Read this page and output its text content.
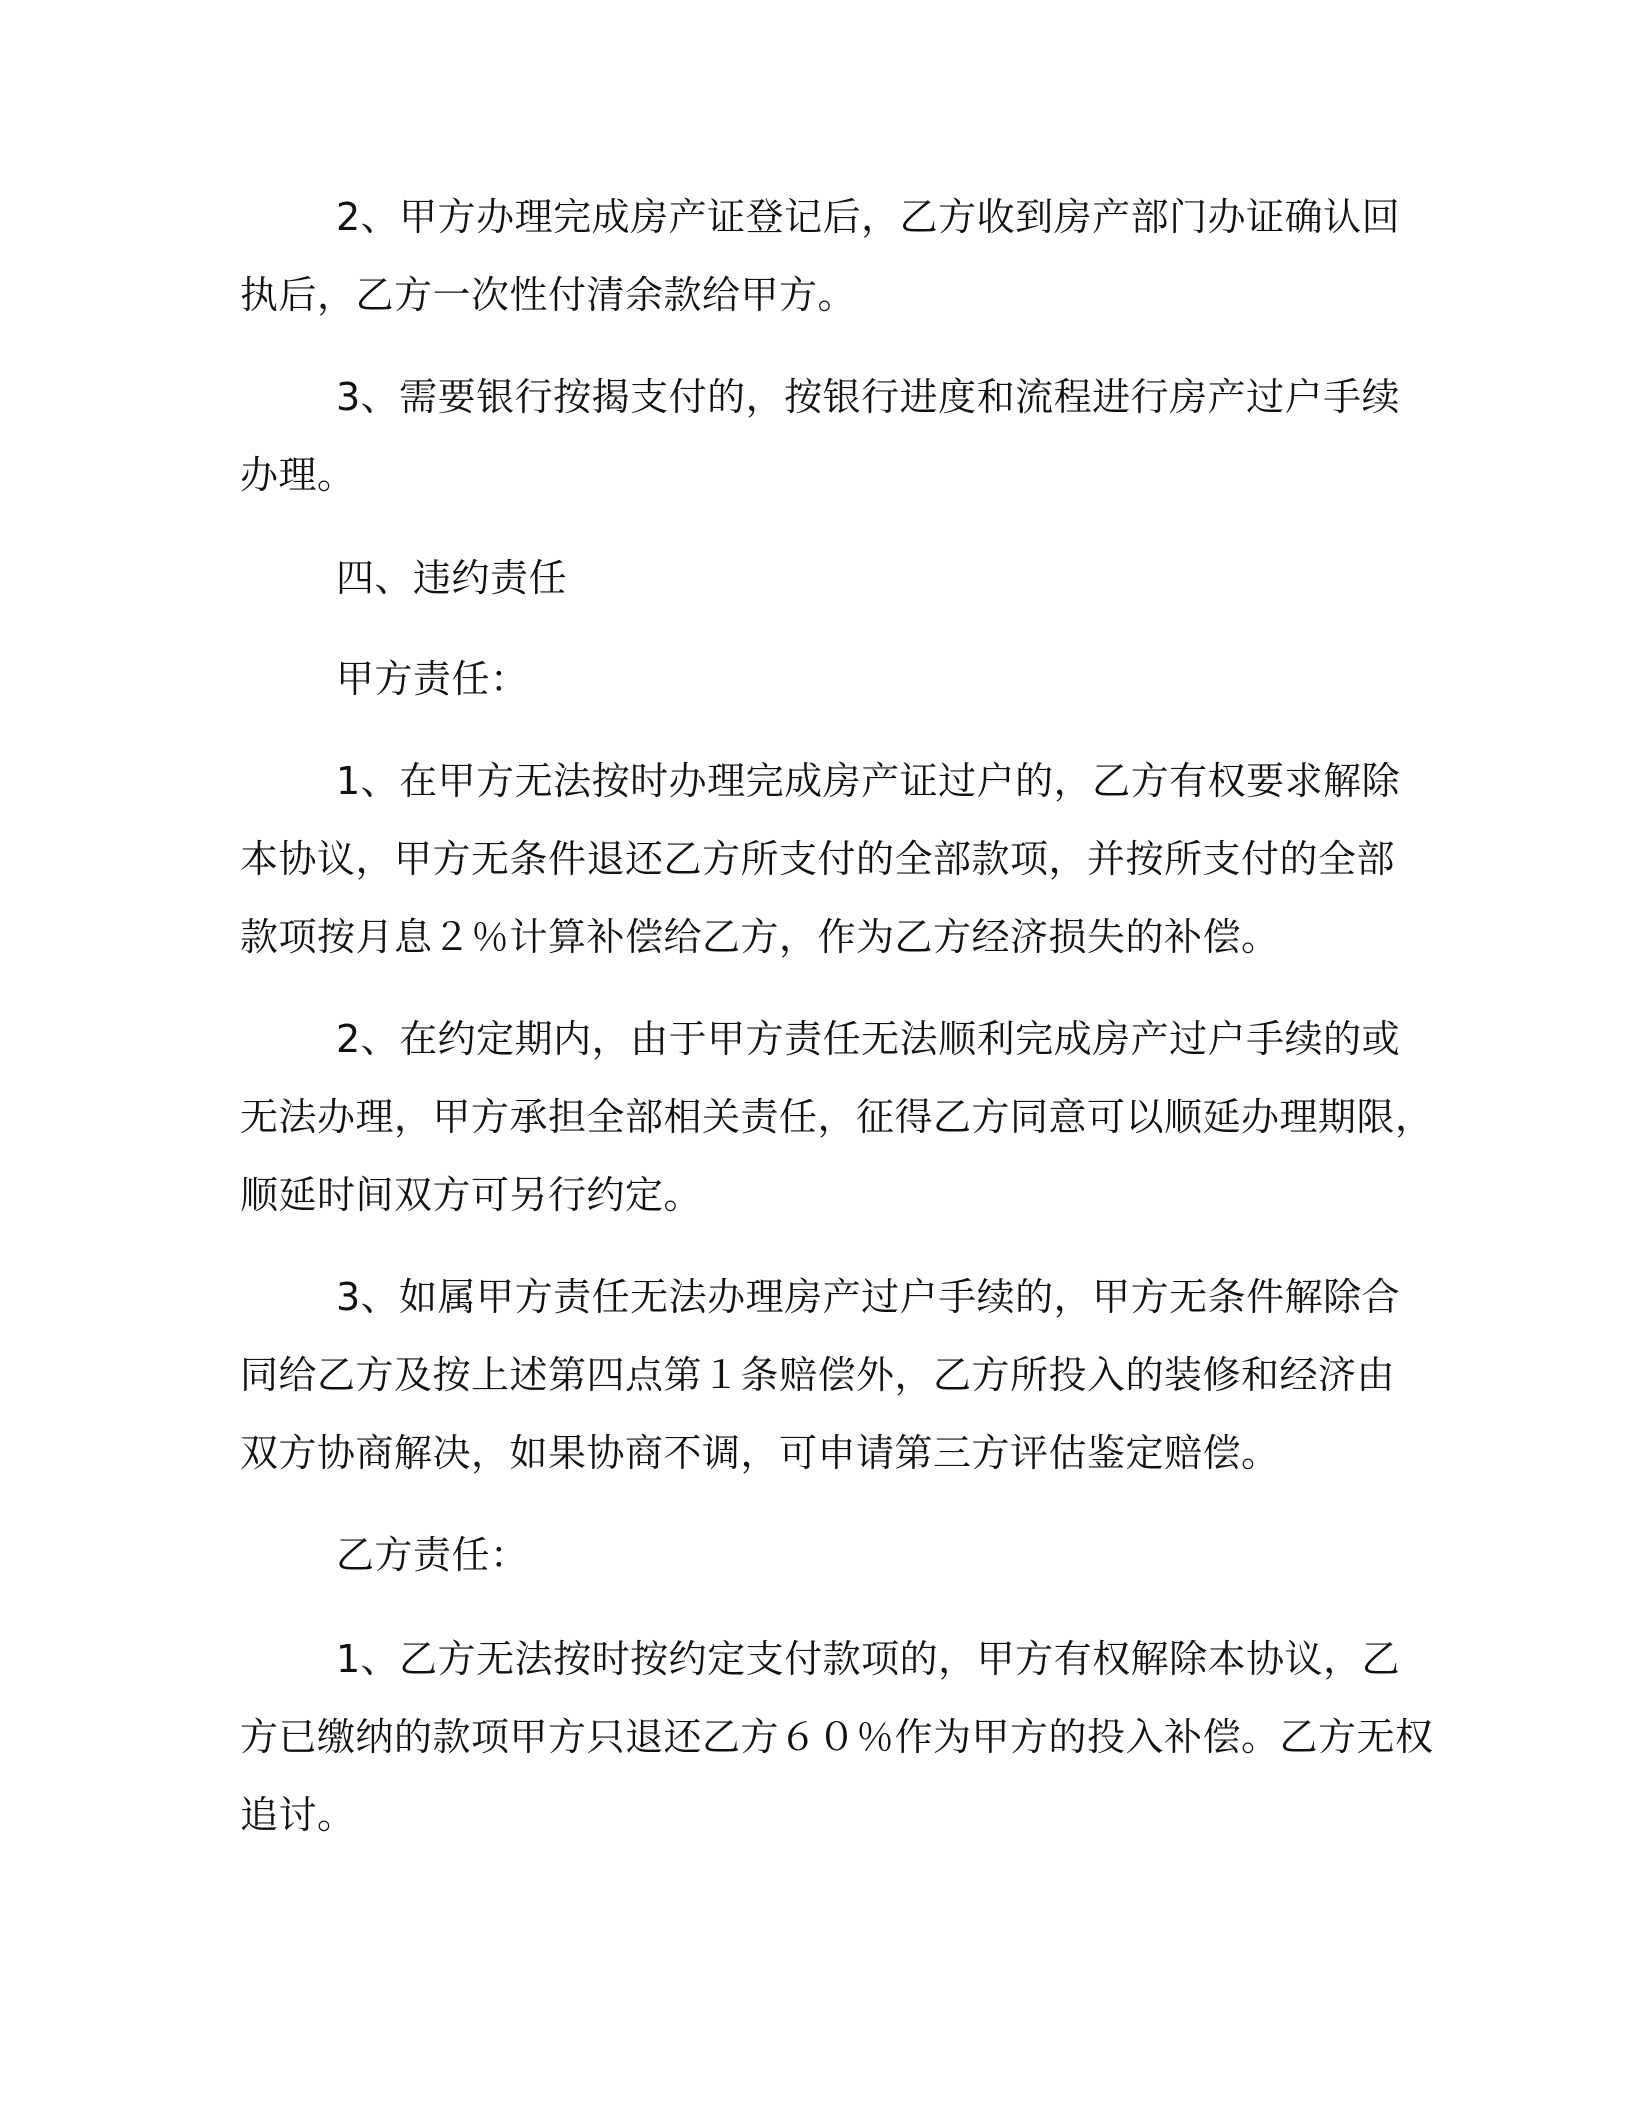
2、甲方办理完成房产证登记后，乙方收到房产部门办证确认回

执后，乙方一次性付清余款给甲方。

3、需要银行按揭支付的，按银行进度和流程进行房产过户手续

办理。

四、违约责任

甲方责任：

1、在甲方无法按时办理完成房产证过户的，乙方有权要求解除

本协议，甲方无条件退还乙方所支付的全部款项，并按所支付的全部

款项按月息２％计算补偿给乙方，作为乙方经济损失的补偿。

2、在约定期内，由于甲方责任无法顺利完成房产过户手续的或

无法办理，甲方承担全部相关责任，征得乙方同意可以顺延办理期限，

顺延时间双方可另行约定。

3、如属甲方责任无法办理房产过户手续的，甲方无条件解除合

同给乙方及按上述第四点第１条赔偿外，乙方所投入的装修和经济由

双方协商解决，如果协商不调，可申请第三方评估鉴定赔偿。

乙方责任：

1、乙方无法按时按约定支付款项的，甲方有权解除本协议，乙

方已缴纳的款项甲方只退还乙方６０％作为甲方的投入补偿。乙方无权

追讨。
